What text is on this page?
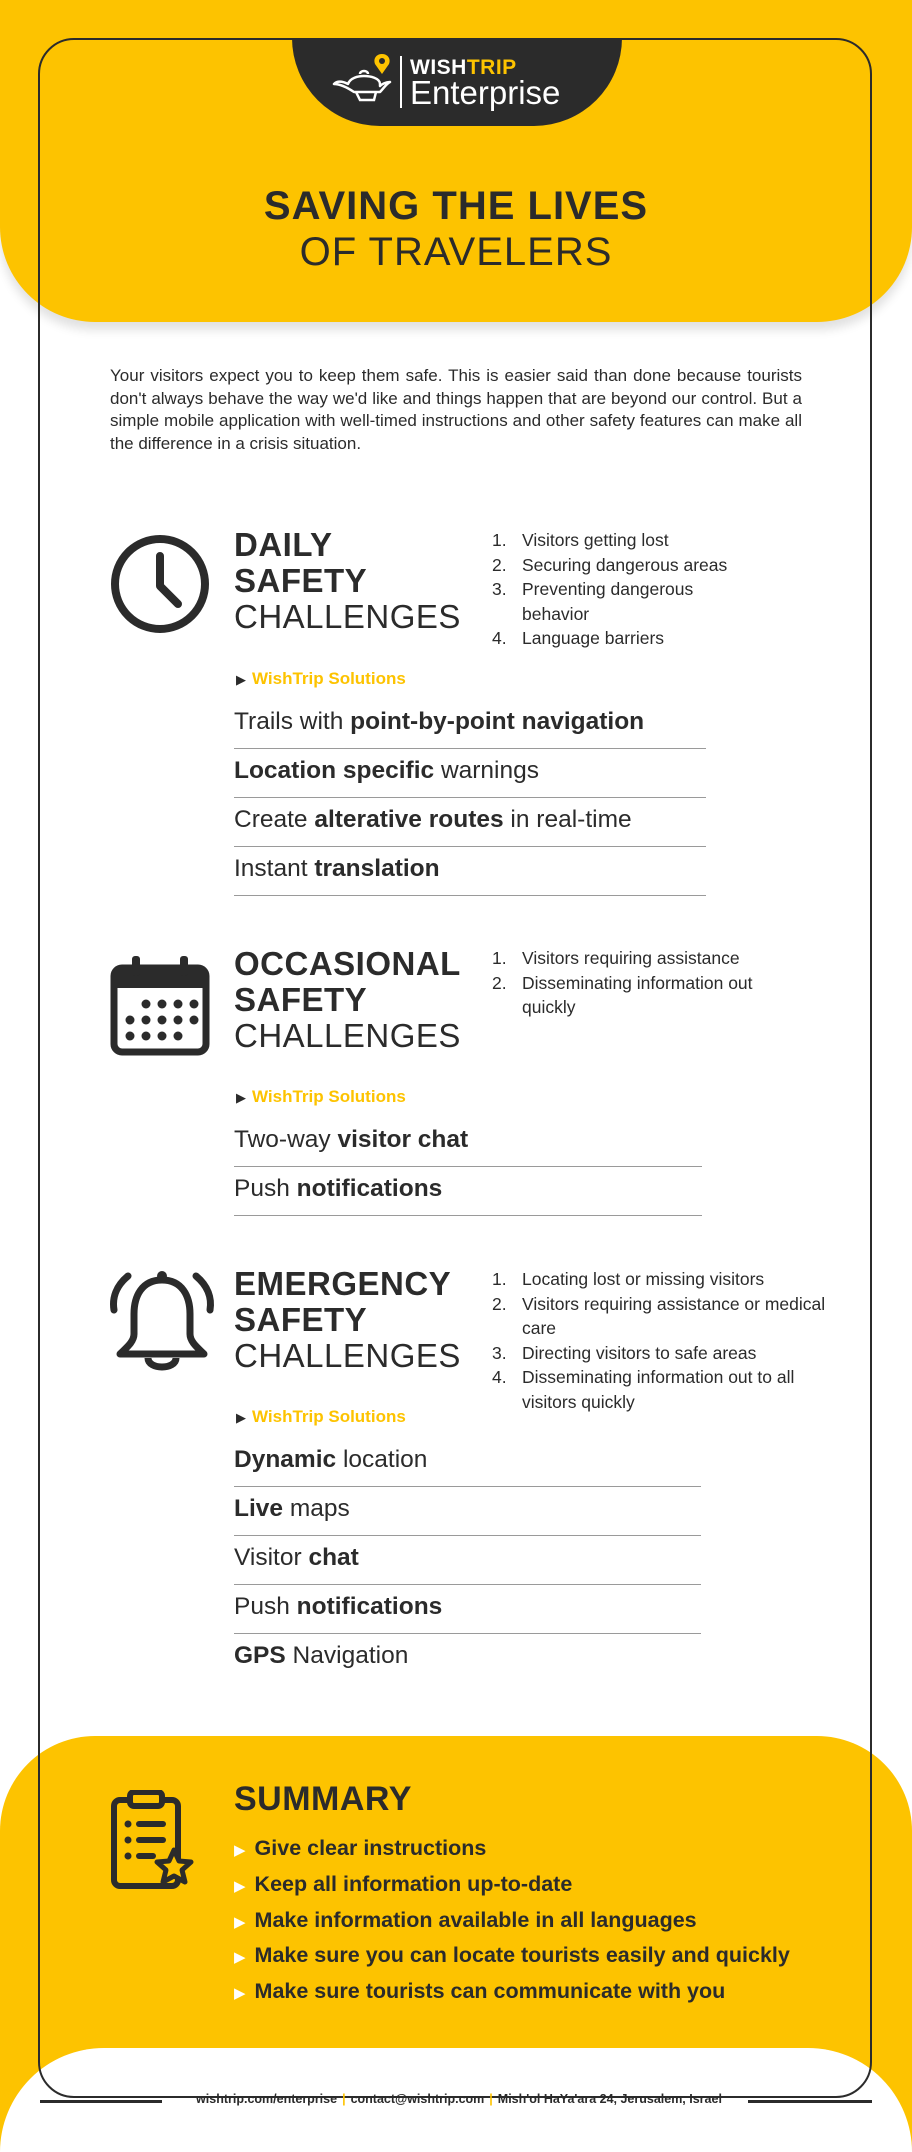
WISHTRIP
Enterprise
SAVING THE LIVES
OF TRAVELERS
Your visitors expect you to keep them safe. This is easier said than done because tourists don't always behave the way we'd like and things happen that are beyond our control. But a simple mobile application with well-timed instructions and other safety features can make all the difference in a crisis situation.
DAILY
SAFETY
CHALLENGES
1. Visitors getting lost
2. Securing dangerous areas
3. Preventing dangerous behavior
4. Language barriers
▶ WishTrip Solutions
Trails with point-by-point navigation
Location specific warnings
Create alterative routes in real-time
Instant translation
OCCASIONAL
SAFETY
CHALLENGES
1. Visitors requiring assistance
2. Disseminating information out quickly
▶ WishTrip Solutions
Two-way visitor chat
Push notifications
EMERGENCY
SAFETY
CHALLENGES
1. Locating lost or missing visitors
2. Visitors requiring assistance or medical care
3. Directing visitors to safe areas
4. Disseminating information out to all visitors quickly
▶ WishTrip Solutions
Dynamic location
Live maps
Visitor chat
Push notifications
GPS Navigation
SUMMARY
▶ Give clear instructions
▶ Keep all information up-to-date
▶ Make information available in all languages
▶ Make sure you can locate tourists easily and quickly
▶ Make sure tourists can communicate with you
wishtrip.com/enterprise | contact@wishtrip.com | Mish'ol HaYa'ara 24, Jerusalem, Israel
